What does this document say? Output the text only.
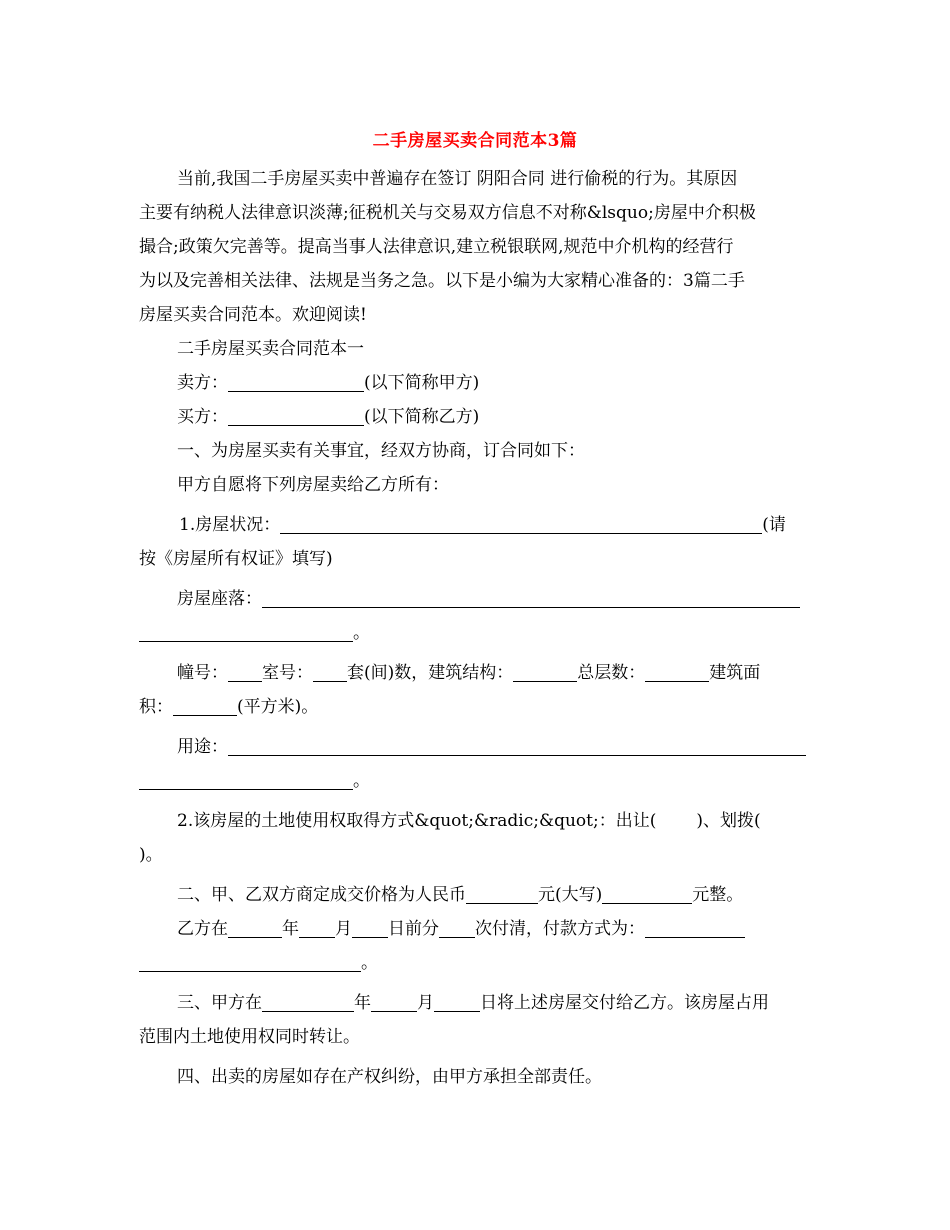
二手房屋买卖合同范本3篇
当前,我国二手房屋买卖中普遍存在签订 阴阳合同 进行偷税的行为。其原因
主要有纳税人法律意识淡薄;征税机关与交易双方信息不对称&lsquo;房屋中介积极
撮合;政策欠完善等。提高当事人法律意识,建立税银联网,规范中介机构的经营行
为以及完善相关法律、法规是当务之急。以下是小编为大家精心准备的：3篇二手
房屋买卖合同范本。欢迎阅读!
二手房屋买卖合同范本一
卖方：	(以下简称甲方)
买方：	(以下简称乙方)
一、为房屋买卖有关事宜，经双方协商，订合同如下：
甲方自愿将下列房屋卖给乙方所有：
1.房屋状况：	(请
按《房屋所有权证》填写)
房屋座落：
。
幢号： 室号： 套(间)数，建筑结构：	总层数：	建筑面
积：	(平方米)。
用途：
。
2.该房屋的土地使用权取得方式&quot;&radic;&quot;：出让( )、划拨(
)。
二、甲、乙双方商定成交价格为人民币	元(大写)	元整。
乙方在	年 月 日前分 次付清，付款方式为：
。
三、甲方在	年	月	日将上述房屋交付给乙方。该房屋占用
范围内土地使用权同时转让。
四、出卖的房屋如存在产权纠纷，由甲方承担全部责任。
